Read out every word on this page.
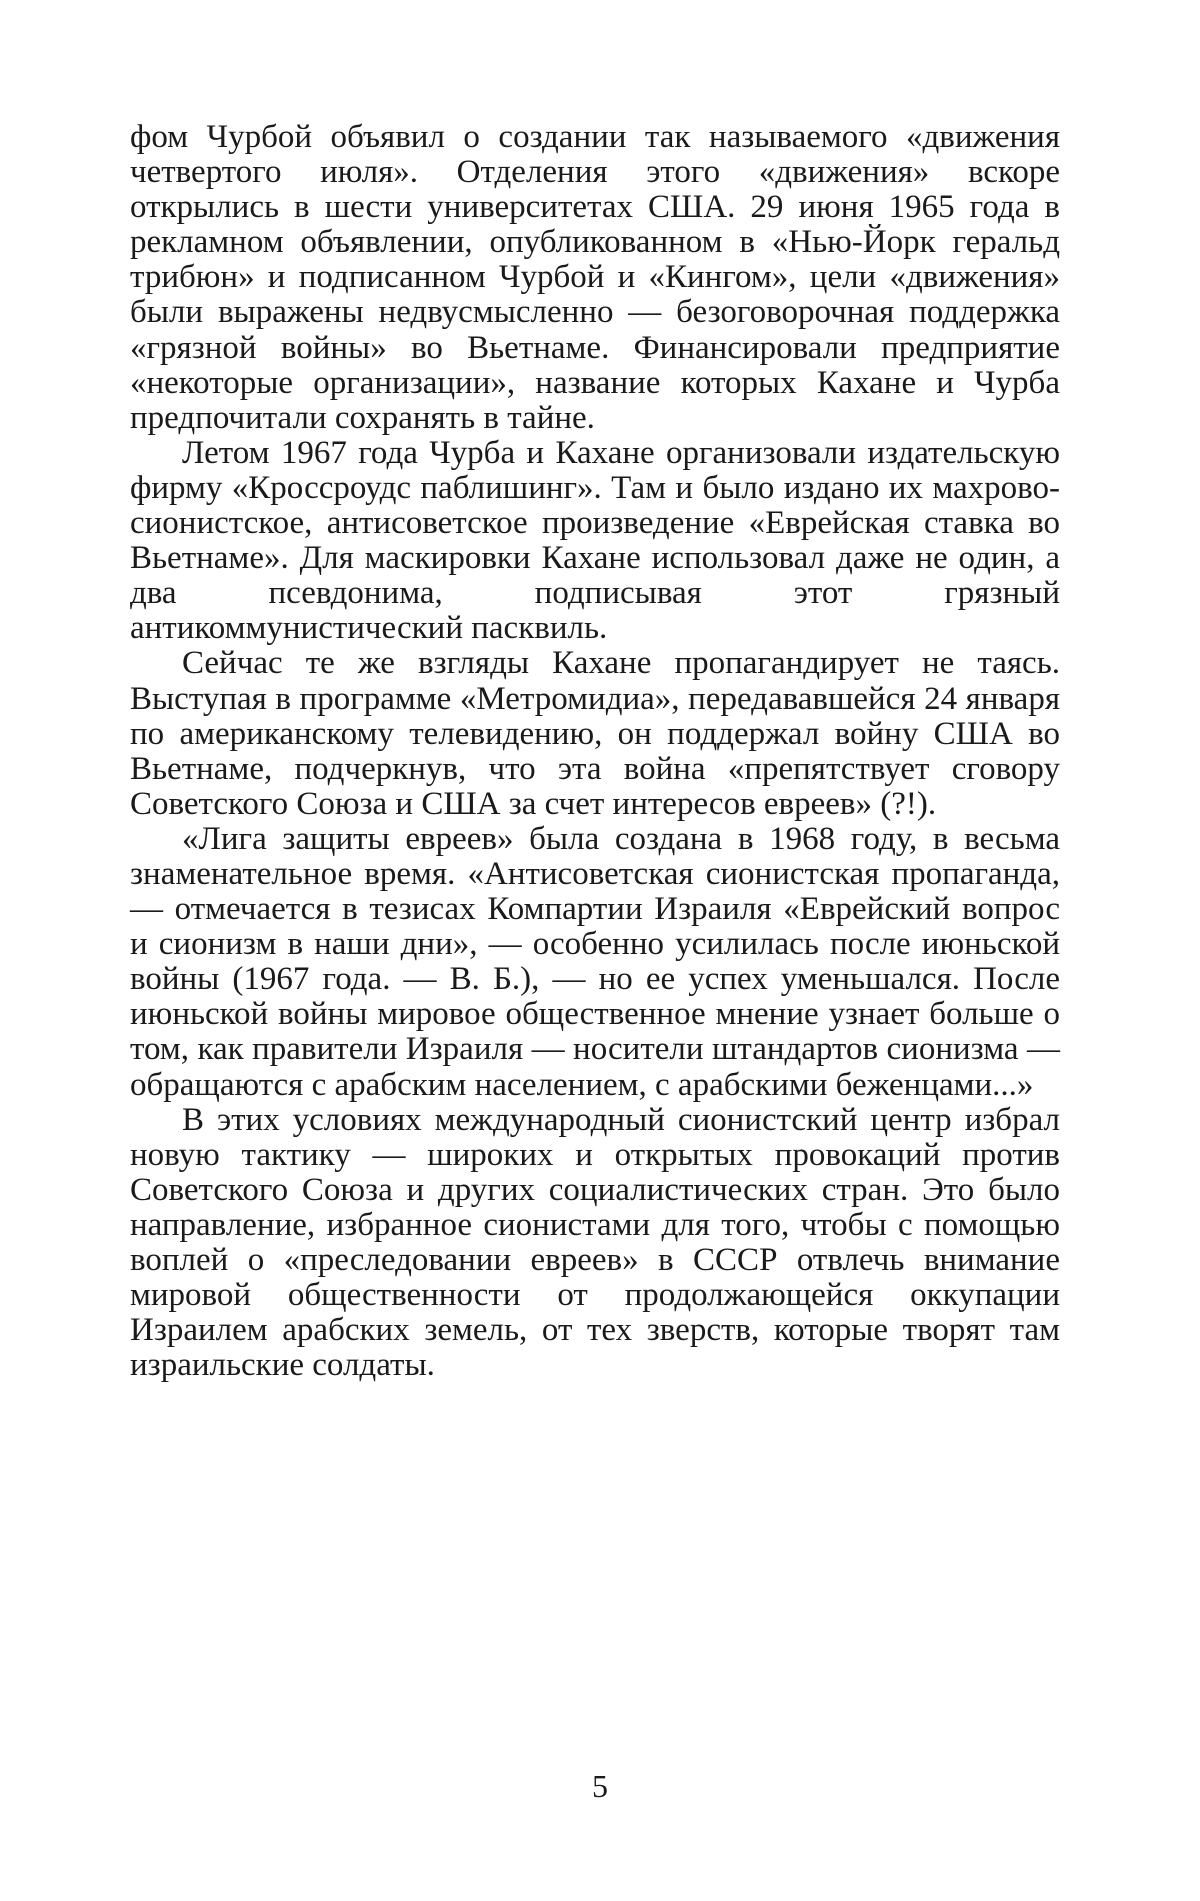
фом Чурбой объявил о создании так называемого «движения четвертого июля». Отделения этого «движения» вскоре открылись в шести университетах США. 29 июня 1965 года в рекламном объявлении, опубликованном в «Нью-Йорк геральд трибюн» и подписанном Чурбой и «Кингом», цели «движения» были выражены недвусмысленно — безоговорочная поддержка «грязной войны» во Вьетнаме. Финансировали предприятие «некоторые организации», название которых Кахане и Чурба предпочитали сохранять в тайне.

Летом 1967 года Чурба и Кахане организовали издательскую фирму «Кроссроудс паблишинг». Там и было издано их махрово-сионистское, антисоветское произведение «Еврейская ставка во Вьетнаме». Для маскировки Кахане использовал даже не один, а два псевдонима, подписывая этот грязный антикоммунистический пасквиль.

Сейчас те же взгляды Кахане пропагандирует не таясь. Выступая в программе «Метромидиа», передававшейся 24 января по американскому телевидению, он поддержал войну США во Вьетнаме, подчеркнув, что эта война «препятствует сговору Советского Союза и США за счет интересов евреев» (?!).

«Лига защиты евреев» была создана в 1968 году, в весьма знаменательное время. «Антисоветская сионистская пропаганда, — отмечается в тезисах Компартии Израиля «Еврейский вопрос и сионизм в наши дни», — особенно усилилась после июньской войны (1967 года. — В. Б.), — но ее успех уменьшался. После июньской войны мировое общественное мнение узнает больше о том, как правители Израиля — носители штандартов сионизма — обращаются с арабским населением, с арабскими беженцами...»

В этих условиях международный сионистский центр избрал новую тактику — широких и открытых провокаций против Советского Союза и других социалистических стран. Это было направление, избранное сионистами для того, чтобы с помощью воплей о «преследовании евреев» в СССР отвлечь внимание мировой общественности от продолжающейся оккупации Израилем арабских земель, от тех зверств, которые творят там израильские солдаты.

5
